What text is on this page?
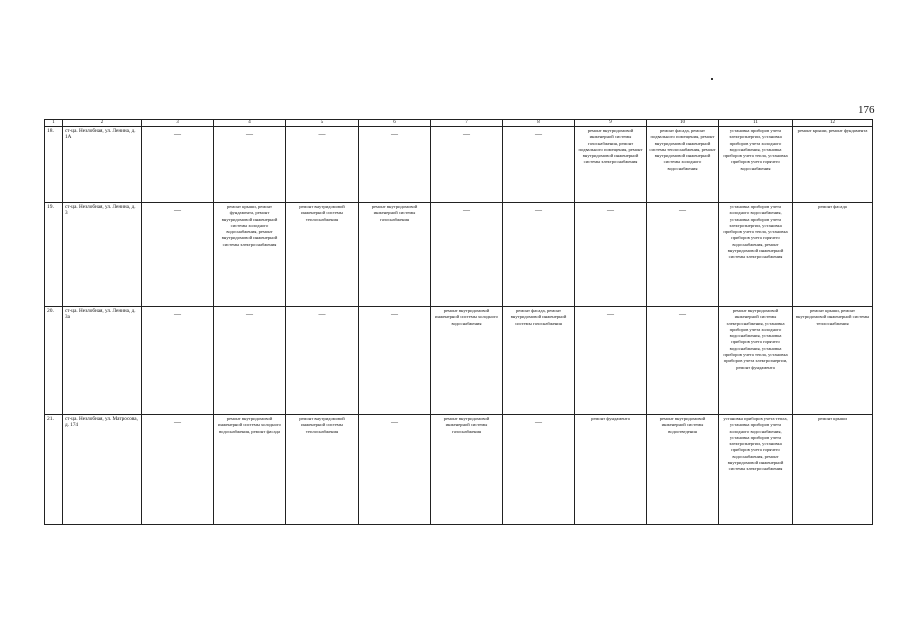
176
1	2	3	4	5	6	7	8	9	10	11	12
18.	ст-ца. Незлобная, ул. Ленина, д. 1А	—	—	—	—	—	—	ремонт внутридомовой инженерной системы газоснабжения, ремонт подвального помещения, ремонт внутридомовой инженерной системы электроснабжения	ремонт фасада, ремонт подвального помещения, ремонт внутридомовой инженерной системы теплоснабжения, ремонт внутридомовой инженерной системы холодного водоснабжения	установка приборов учета электроэнергии, установка приборов учета холодного водоснабжения, установка приборов учета тепла, установка приборов учета горячего водоснабжения	ремонт крыши, ремонт фундамента
19.	ст-ца. Незлобная, ул. Ленина, д. 3	—	ремонт крыши, ремонт фундамента, ремонт внутридомовой инженерной системы холодного водоснабжения, ремонт внутридомовой инженерной системы электроснабжения	ремонт внутридомовой инженерной системы теплоснабжения	ремонт внутридомовой инженерной системы газоснабжения	—	—	—	—	установка приборов учета холодного водоснабжения, установка приборов учета электроэнергии, установка приборов учета тепла, установка приборов учета горячего водоснабжения, ремонт внутридомовой инженерной системы электроснабжения	ремонт фасада
20.	ст-ца. Незлобная, ул. Ленина, д. 3а	—	—	—	—	ремонт внутридомовой инженерной системы холодного водоснабжения	ремонт фасада, ремонт внутридомовой инженерной системы газоснабжения	—	—	ремонт внутридомовой инженерной системы электроснабжения, установка приборов учета холодного водоснабжения, установка приборов учета горячего водоснабжения, установка приборов учета тепла, установка приборов учета электроэнергии, ремонт фундамента	ремонт крыши, ремонт внутридомовой инженерной системы теплоснабжения
21.	ст-ца. Незлобная, ул. Матросова, д. 174	—	ремонт внутридомовой инженерной системы холодного водоснабжения, ремонт фасада	ремонт внутридомовой инженерной системы теплоснабжения	—	ремонт внутридомовой инженерной системы газоснабжения	—	ремонт фундамента	ремонт внутридомовой инженерной системы водоотведения	установка приборов учета тепла, установка приборов учета холодного водоснабжения, установка приборов учета электроэнергии, установка приборов учета горячего водоснабжения, ремонт внутридомовой инженерной системы электроснабжения	ремонт крыши
